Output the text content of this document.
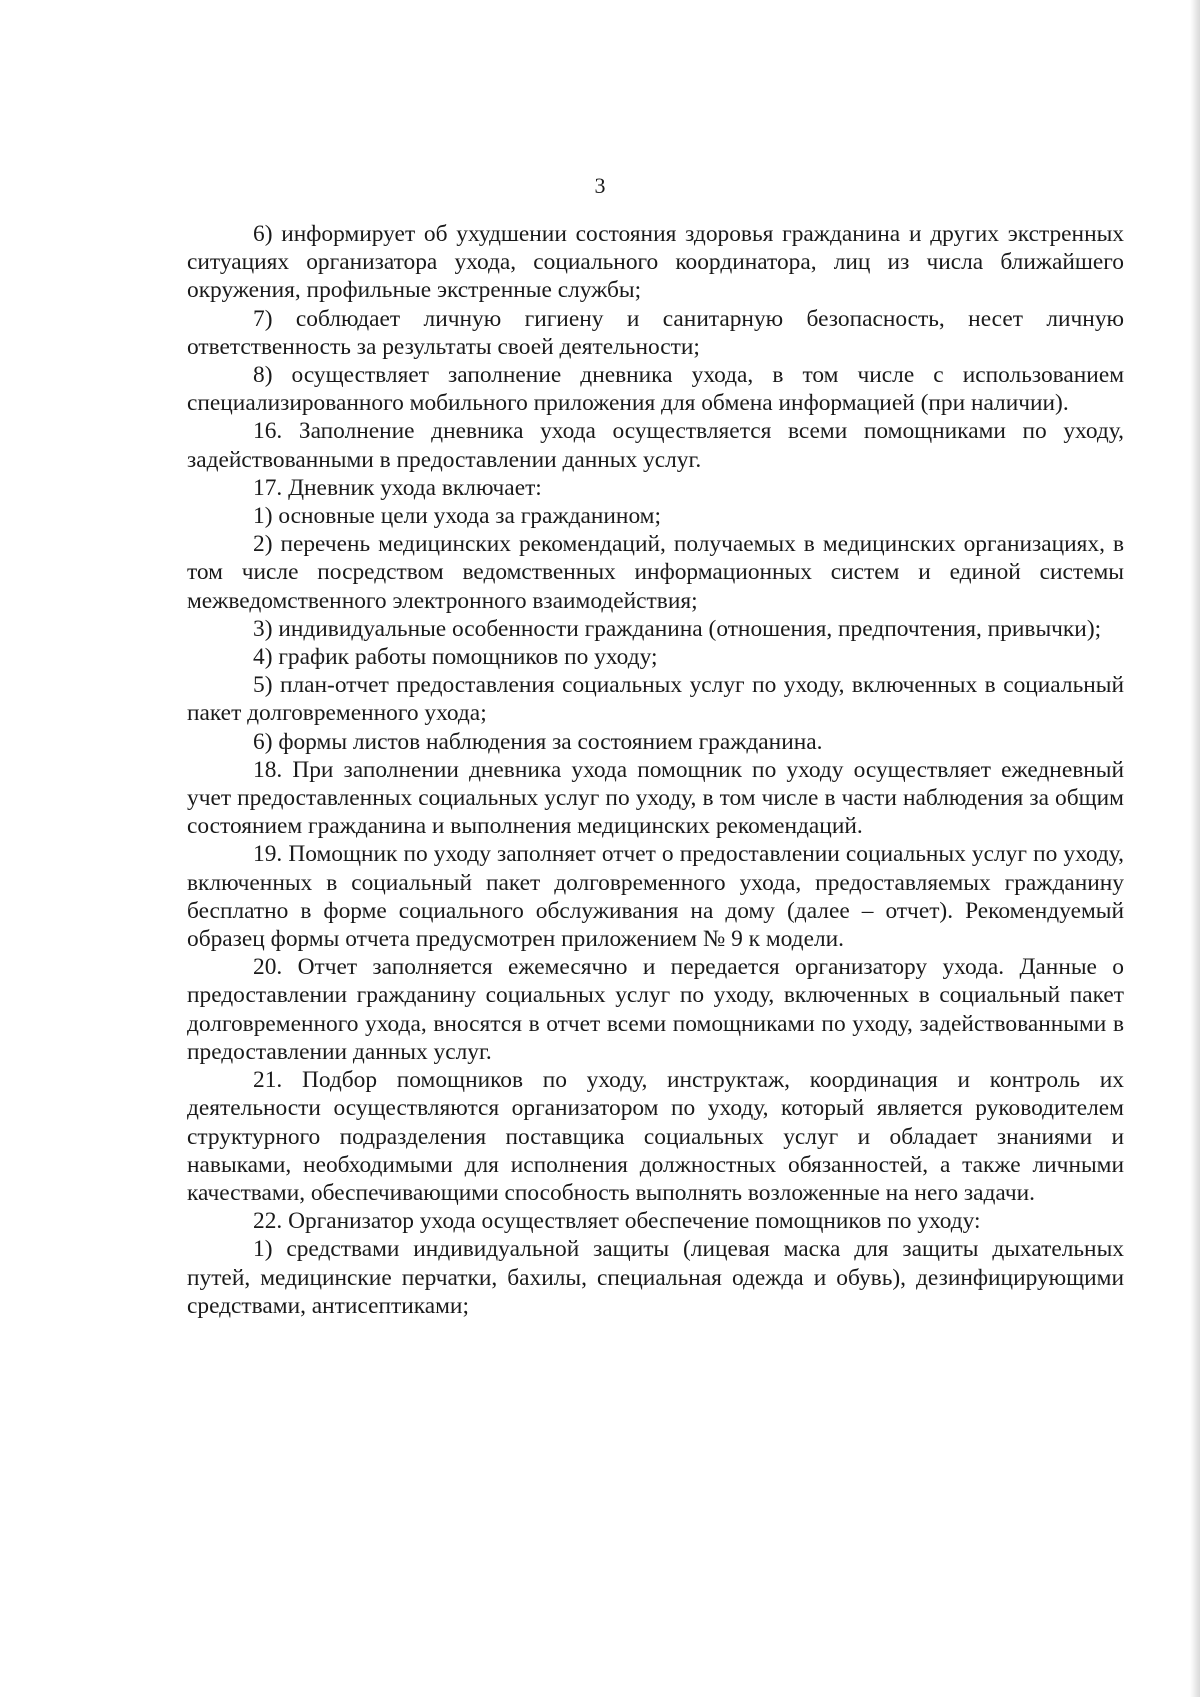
3

6) информирует об ухудшении состояния здоровья гражданина и других экстренных ситуациях организатора ухода, социального координатора, лиц из числа ближайшего окружения, профильные экстренные службы;

7) соблюдает личную гигиену и санитарную безопасность, несет личную ответственность за результаты своей деятельности;

8) осуществляет заполнение дневника ухода, в том числе с использованием специализированного мобильного приложения для обмена информацией (при наличии).

16. Заполнение дневника ухода осуществляется всеми помощниками по уходу, задействованными в предоставлении данных услуг.

17. Дневник ухода включает:

1) основные цели ухода за гражданином;

2) перечень медицинских рекомендаций, получаемых в медицинских организациях, в том числе посредством ведомственных информационных систем и единой системы межведомственного электронного взаимодействия;

3) индивидуальные особенности гражданина (отношения, предпочтения, привычки);

4) график работы помощников по уходу;

5) план-отчет предоставления социальных услуг по уходу, включенных в социальный пакет долговременного ухода;

6) формы листов наблюдения за состоянием гражданина.

18. При заполнении дневника ухода помощник по уходу осуществляет ежедневный учет предоставленных социальных услуг по уходу, в том числе в части наблюдения за общим состоянием гражданина и выполнения медицинских рекомендаций.

19. Помощник по уходу заполняет отчет о предоставлении социальных услуг по уходу, включенных в социальный пакет долговременного ухода, предоставляемых гражданину бесплатно в форме социального обслуживания на дому (далее – отчет). Рекомендуемый образец формы отчета предусмотрен приложением № 9 к модели.

20. Отчет заполняется ежемесячно и передается организатору ухода. Данные о предоставлении гражданину социальных услуг по уходу, включенных в социальный пакет долговременного ухода, вносятся в отчет всеми помощниками по уходу, задействованными в предоставлении данных услуг.

21. Подбор помощников по уходу, инструктаж, координация и контроль их деятельности осуществляются организатором по уходу, который является руководителем структурного подразделения поставщика социальных услуг и обладает знаниями и навыками, необходимыми для исполнения должностных обязанностей, а также личными качествами, обеспечивающими способность выполнять возложенные на него задачи.

22. Организатор ухода осуществляет обеспечение помощников по уходу:

1) средствами индивидуальной защиты (лицевая маска для защиты дыхательных путей, медицинские перчатки, бахилы, специальная одежда и обувь), дезинфицирующими средствами, антисептиками;
